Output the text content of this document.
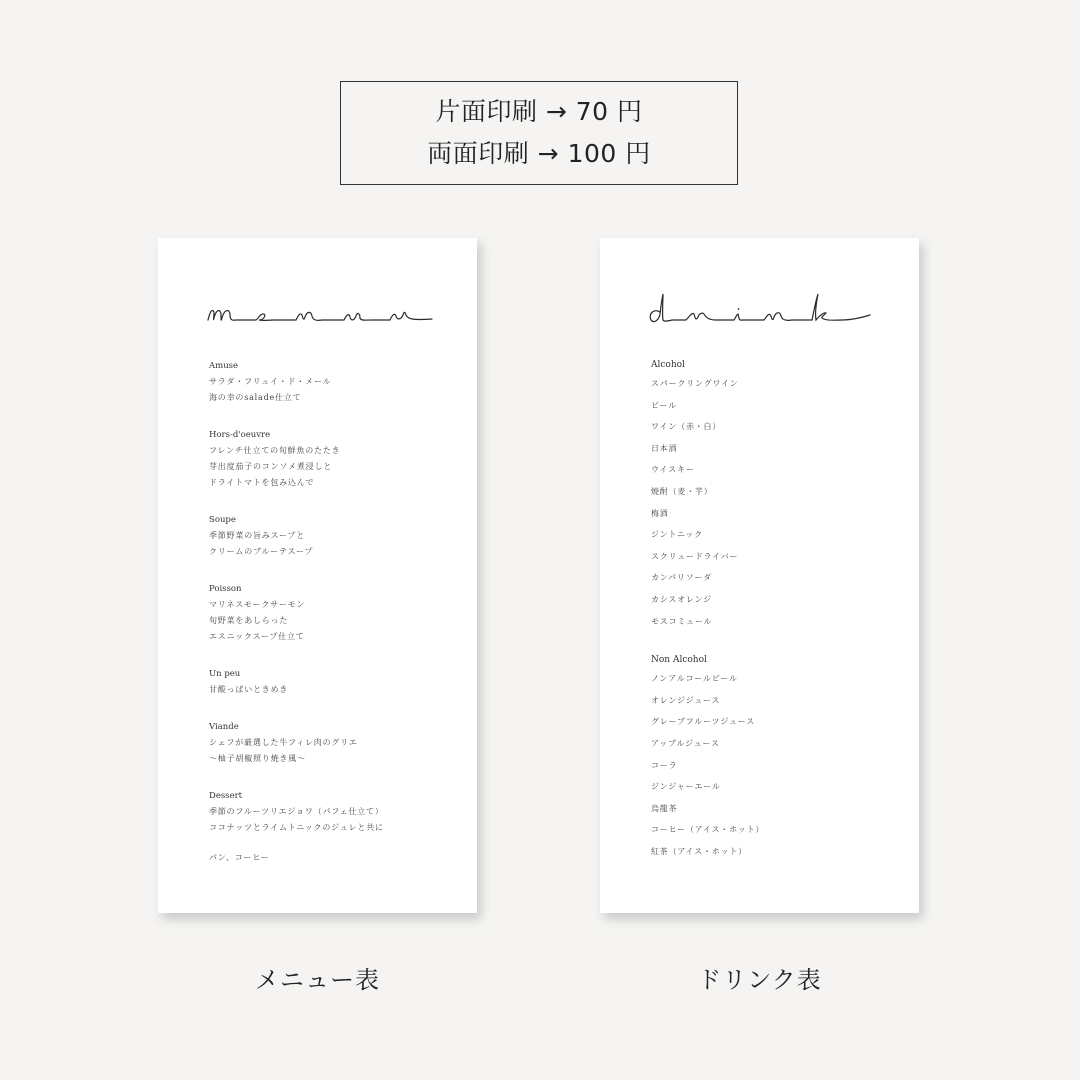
片面印刷 → 70 円
両面印刷 → 100 円
Amuse
サラダ・フリュイ・ド・メール
海の幸のsalade仕立て
Hors-d'oeuvre
フレンチ仕立ての旬鮮魚のたたき
芽出度茄子のコンソメ煮浸しと
ドライトマトを包み込んで
Soupe
季節野菜の旨みスープと
クリームのブルーテスープ
Poisson
マリネスモークサーモン
旬野菜をあしらった
エスニックスープ仕立て
Un peu
甘酸っぱいときめき
Viande
シェフが厳選した牛フィレ肉のグリエ
〜柚子胡椒照り焼き風〜
Dessert
季節のフルーツリエジョワ（パフェ仕立て）
ココナッツとライムトニックのジュレと共に
パン、コーヒー
Alcohol
スパークリングワイン
ビール
ワイン（赤・白）
日本酒
ウイスキー
焼酎（麦・芋）
梅酒
ジントニック
スクリュードライバー
カンパリソーダ
カシスオレンジ
モスコミュール
Non Alcohol
ノンアルコールビール
オレンジジュース
グレープフルーツジュース
アップルジュース
コーラ
ジンジャーエール
烏龍茶
コーヒー（アイス・ホット）
紅茶（アイス・ホット）
メニュー表	ドリンク表
